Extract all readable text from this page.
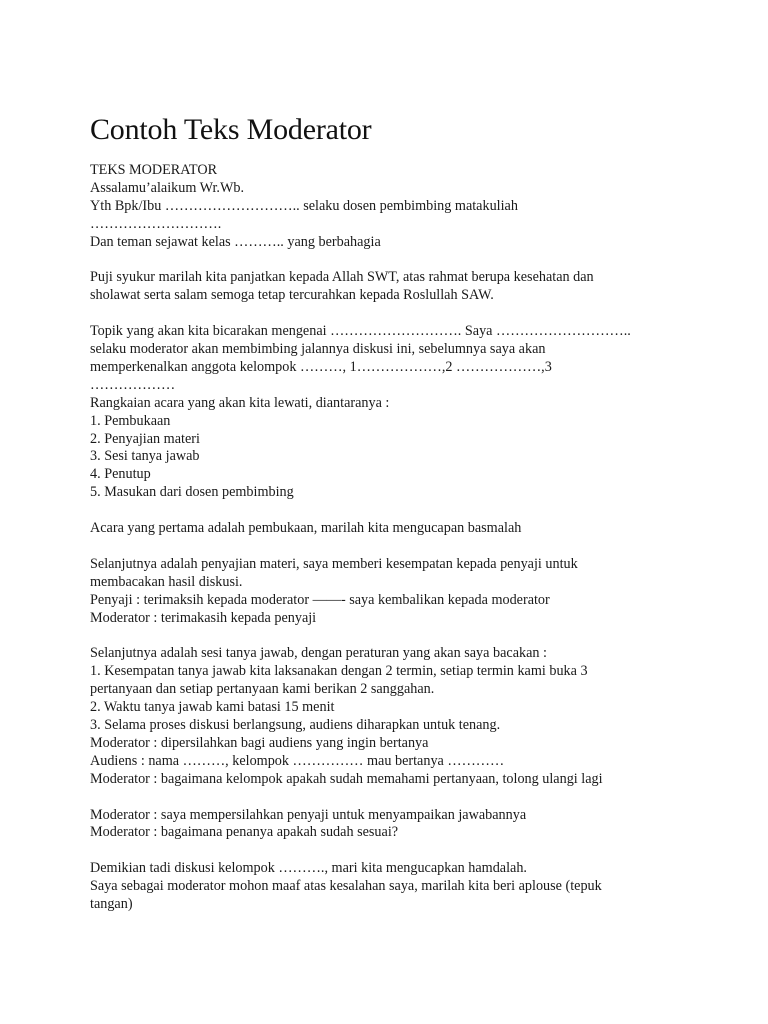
Contoh Teks Moderator

TEKS MODERATOR

Assalamu’alaikum Wr.Wb.

Yth Bpk/Ibu ……………………….. selaku dosen pembimbing matakuliah

……………………….

Dan teman sejawat kelas ……….. yang berbahagia

Puji syukur marilah kita panjatkan kepada Allah SWT, atas rahmat berupa kesehatan dan

sholawat serta salam semoga tetap tercurahkan kepada Roslullah SAW.

Topik yang akan kita bicarakan mengenai ………………………. Saya ………………………..

selaku moderator akan membimbing jalannya diskusi ini, sebelumnya saya akan

memperkenalkan anggota kelompok ………, 1………………,2 ………………,3

………………

Rangkaian acara yang akan kita lewati, diantaranya :

1. Pembukaan

2. Penyajian materi

3. Sesi tanya jawab

4. Penutup

5. Masukan dari dosen pembimbing

Acara yang pertama adalah pembukaan, marilah kita mengucapan basmalah

Selanjutnya adalah penyajian materi, saya memberi kesempatan kepada penyaji untuk

membacakan hasil diskusi.

Penyaji : terimaksih kepada moderator ——- saya kembalikan kepada moderator

Moderator : terimakasih kepada penyaji

Selanjutnya adalah sesi tanya jawab, dengan peraturan yang akan saya bacakan :

1. Kesempatan tanya jawab kita laksanakan dengan 2 termin, setiap termin kami buka 3

pertanyaan dan setiap pertanyaan kami berikan 2 sanggahan.

2. Waktu tanya jawab kami batasi 15 menit

3. Selama proses diskusi berlangsung, audiens diharapkan untuk tenang.

Moderator : dipersilahkan bagi audiens yang ingin bertanya

Audiens : nama ………, kelompok …………… mau bertanya …………

Moderator : bagaimana kelompok apakah sudah memahami pertanyaan, tolong ulangi lagi

Moderator : saya mempersilahkan penyaji untuk menyampaikan jawabannya

Moderator : bagaimana penanya apakah sudah sesuai?

Demikian tadi diskusi kelompok ………., mari kita mengucapkan hamdalah.

Saya sebagai moderator mohon maaf atas kesalahan saya, marilah kita beri aplouse (tepuk

tangan)
